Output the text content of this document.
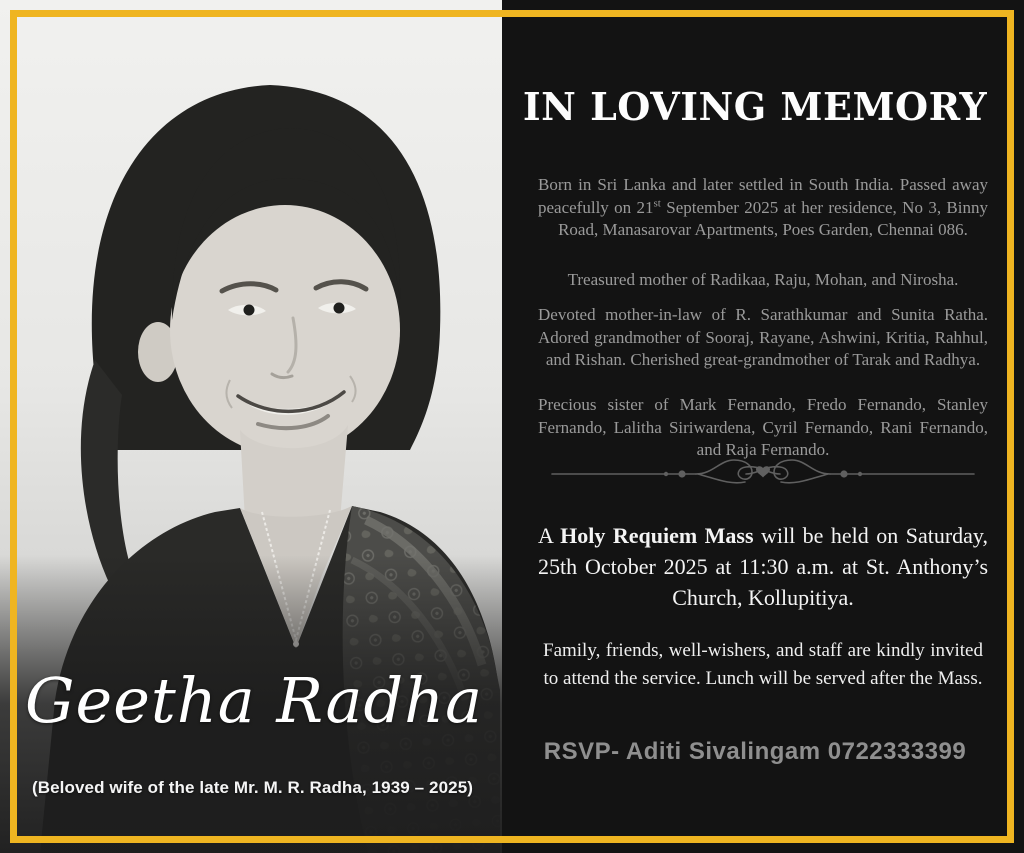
Geetha Radha
(Beloved wife of the late Mr. M. R. Radha, 1939 – 2025)
IN LOVING MEMORY

Born in Sri Lanka and later settled in South India. Passed away peacefully on 21st September 2025 at her residence, No 3, Binny Road, Manasarovar Apartments, Poes Garden, Chennai 086.

Treasured mother of Radikaa, Raju, Mohan, and Nirosha.

Devoted mother-in-law of R. Sarathkumar and Sunita Ratha. Adored grandmother of Sooraj, Rayane, Ashwini, Kritia, Rahhul, and Rishan. Cherished great-grandmother of Tarak and Radhya.

Precious sister of Mark Fernando, Fredo Fernando, Stanley Fernando, Lalitha Siriwardena, Cyril Fernando, Rani Fernando, and Raja Fernando.

A Holy Requiem Mass will be held on Saturday, 25th October 2025 at 11:30 a.m. at St. Anthony’s Church, Kollupitiya.

Family, friends, well-wishers, and staff are kindly invited to attend the service. Lunch will be served after the Mass.

RSVP- Aditi Sivalingam 0722333399
